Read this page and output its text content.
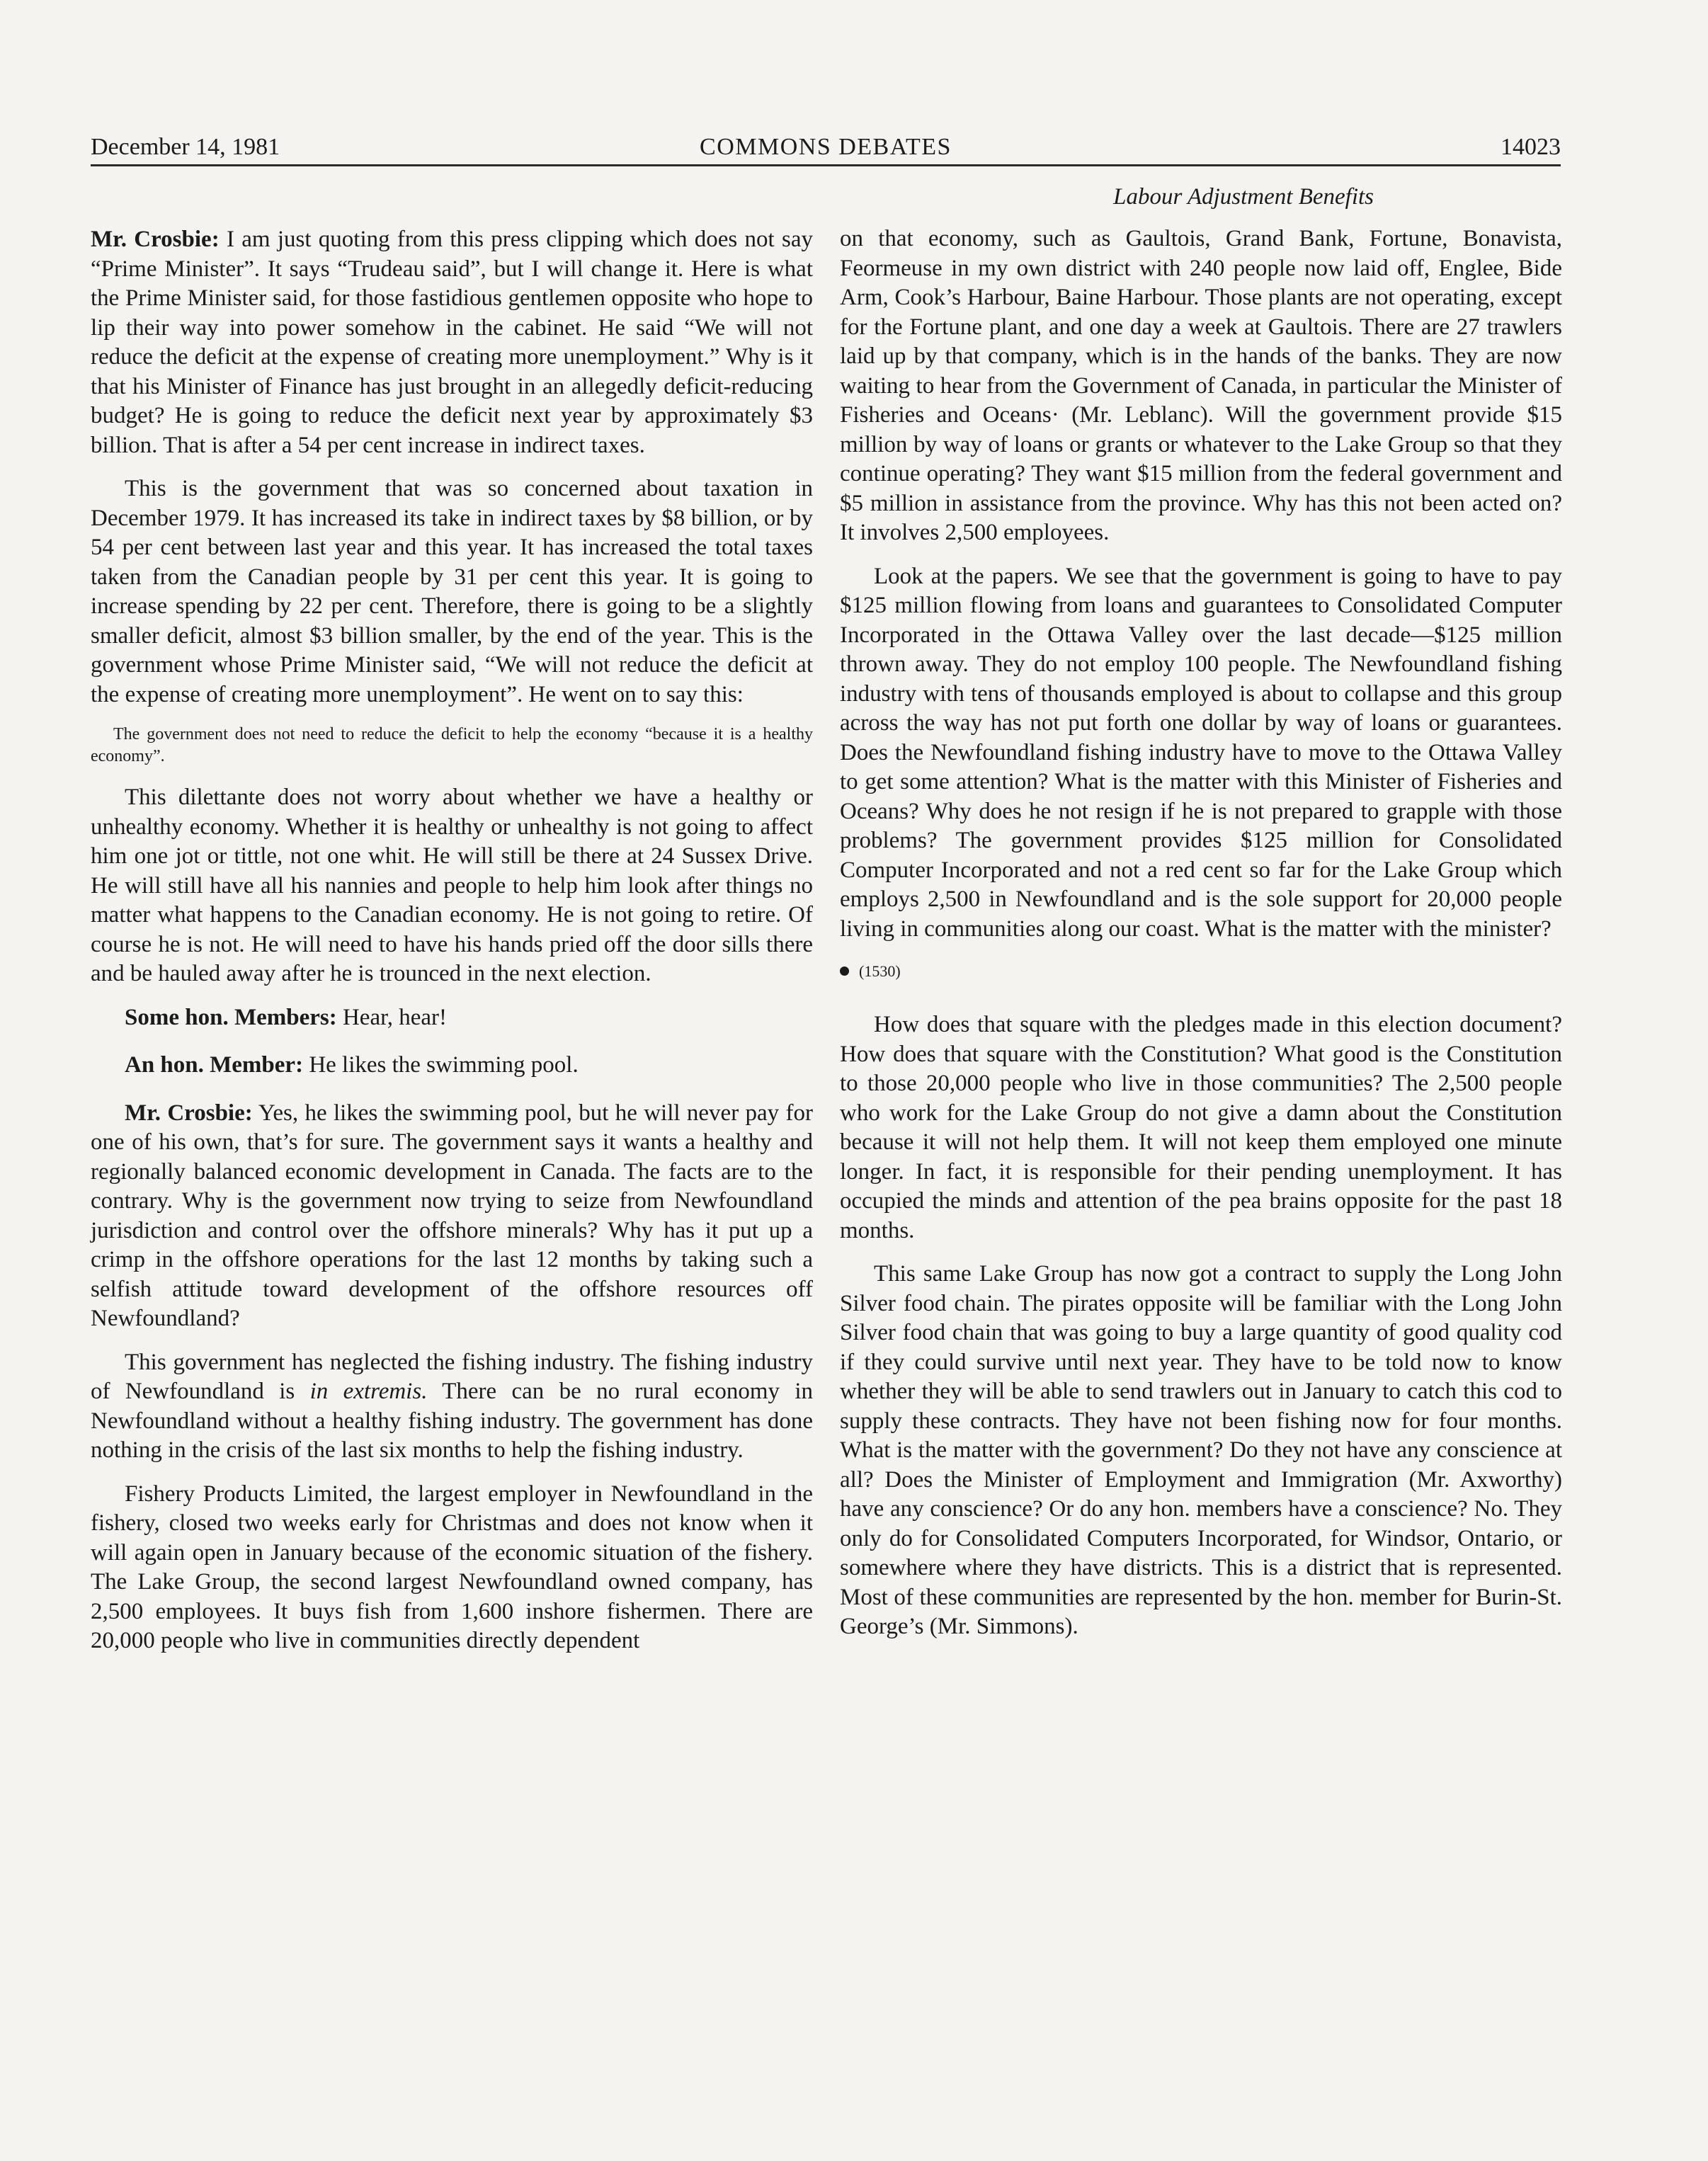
December 14, 1981	COMMONS DEBATES	14023

Mr. Crosbie: I am just quoting from this press clipping which does not say “Prime Minister”. It says “Trudeau said”, but I will change it. Here is what the Prime Minister said, for those fastidious gentlemen opposite who hope to lip their way into power somehow in the cabinet. He said “We will not reduce the deficit at the expense of creating more unemployment.” Why is it that his Minister of Finance has just brought in an allegedly deficit-reducing budget? He is going to reduce the deficit next year by approximately $3 billion. That is after a 54 per cent increase in indirect taxes.

This is the government that was so concerned about taxation in December 1979. It has increased its take in indirect taxes by $8 billion, or by 54 per cent between last year and this year. It has increased the total taxes taken from the Canadian people by 31 per cent this year. It is going to increase spending by 22 per cent. Therefore, there is going to be a slightly smaller deficit, almost $3 billion smaller, by the end of the year. This is the government whose Prime Minister said, “We will not reduce the deficit at the expense of creating more unemployment”. He went on to say this:

The government does not need to reduce the deficit to help the economy “because it is a healthy economy”.

This dilettante does not worry about whether we have a healthy or unhealthy economy. Whether it is healthy or unhealthy is not going to affect him one jot or tittle, not one whit. He will still be there at 24 Sussex Drive. He will still have all his nannies and people to help him look after things no matter what happens to the Canadian economy. He is not going to retire. Of course he is not. He will need to have his hands pried off the door sills there and be hauled away after he is trounced in the next election.

Some hon. Members: Hear, hear!

An hon. Member: He likes the swimming pool.

Mr. Crosbie: Yes, he likes the swimming pool, but he will never pay for one of his own, that’s for sure. The government says it wants a healthy and regionally balanced economic development in Canada. The facts are to the contrary. Why is the government now trying to seize from Newfoundland jurisdiction and control over the offshore minerals? Why has it put up a crimp in the offshore operations for the last 12 months by taking such a selfish attitude toward development of the offshore resources off Newfoundland?

This government has neglected the fishing industry. The fishing industry of Newfoundland is in extremis. There can be no rural economy in Newfoundland without a healthy fishing industry. The government has done nothing in the crisis of the last six months to help the fishing industry.

Fishery Products Limited, the largest employer in Newfoundland in the fishery, closed two weeks early for Christmas and does not know when it will again open in January because of the economic situation of the fishery. The Lake Group, the second largest Newfoundland owned company, has 2,500 employees. It buys fish from 1,600 inshore fishermen. There are 20,000 people who live in communities directly dependent

Labour Adjustment Benefits

on that economy, such as Gaultois, Grand Bank, Fortune, Bonavista, Feormeuse in my own district with 240 people now laid off, Englee, Bide Arm, Cook’s Harbour, Baine Harbour. Those plants are not operating, except for the Fortune plant, and one day a week at Gaultois. There are 27 trawlers laid up by that company, which is in the hands of the banks. They are now waiting to hear from the Government of Canada, in particular the Minister of Fisheries and Oceans· (Mr. Leblanc). Will the government provide $15 million by way of loans or grants or whatever to the Lake Group so that they continue operating? They want $15 million from the federal government and $5 million in assistance from the province. Why has this not been acted on? It involves 2,500 employees.

Look at the papers. We see that the government is going to have to pay $125 million flowing from loans and guarantees to Consolidated Computer Incorporated in the Ottawa Valley over the last decade—$125 million thrown away. They do not employ 100 people. The Newfoundland fishing industry with tens of thousands employed is about to collapse and this group across the way has not put forth one dollar by way of loans or guarantees. Does the Newfoundland fishing industry have to move to the Ottawa Valley to get some attention? What is the matter with this Minister of Fisheries and Oceans? Why does he not resign if he is not prepared to grapple with those problems? The government provides $125 million for Consolidated Computer Incorporated and not a red cent so far for the Lake Group which employs 2,500 in Newfoundland and is the sole support for 20,000 people living in communities along our coast. What is the matter with the minister?

(1530)

How does that square with the pledges made in this election document? How does that square with the Constitution? What good is the Constitution to those 20,000 people who live in those communities? The 2,500 people who work for the Lake Group do not give a damn about the Constitution because it will not help them. It will not keep them employed one minute longer. In fact, it is responsible for their pending unemployment. It has occupied the minds and attention of the pea brains opposite for the past 18 months.

This same Lake Group has now got a contract to supply the Long John Silver food chain. The pirates opposite will be familiar with the Long John Silver food chain that was going to buy a large quantity of good quality cod if they could survive until next year. They have to be told now to know whether they will be able to send trawlers out in January to catch this cod to supply these contracts. They have not been fishing now for four months. What is the matter with the government? Do they not have any conscience at all? Does the Minister of Employment and Immigration (Mr. Axworthy) have any conscience? Or do any hon. members have a conscience? No. They only do for Consolidated Computers Incorporated, for Windsor, Ontario, or somewhere where they have districts. This is a district that is represented. Most of these communities are represented by the hon. member for Burin-St. George’s (Mr. Simmons).
